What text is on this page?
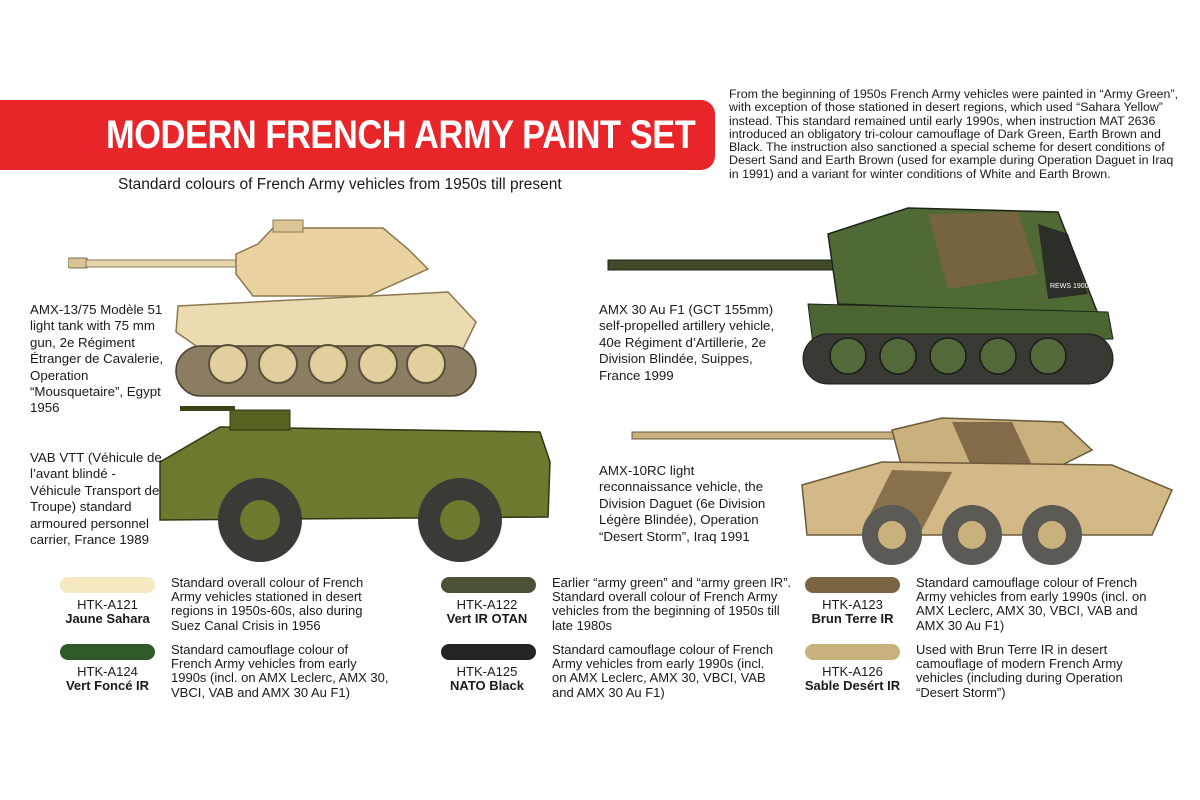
MODERN FRENCH ARMY PAINT SET
Standard colours of French Army vehicles from 1950s till present
From the beginning of 1950s French Army vehicles were painted in “Army Green”, with exception of those stationed in desert regions, which used “Sahara Yellow” instead. This standard remained until early 1990s, when instruction MAT 2636 introduced an obligatory tri-colour camouflage of Dark Green, Earth Brown and Black. The instruction also sanctioned a special scheme for desert conditions of Desert Sand and Earth Brown (used for example during Operation Daguet in Iraq in 1991) and a variant for winter conditions of White and Earth Brown.
AMX-13/75 Modèle 51 light tank with 75 mm gun, 2e Régiment Étranger de Cavalerie, Operation “Mousquetaire”, Egypt 1956
VAB VTT (Véhicule de l’avant blindé - Véhicule Transport de Troupe) standard armoured personnel carrier, France 1989
AMX 30 Au F1 (GCT 155mm) self-propelled artillery vehicle, 40e Régiment d’Artillerie, 2e Division Blindée, Suippes, France 1999
AMX-10RC light reconnaissance vehicle, the Division Daguet (6e Division Légère Blindée), Operation “Desert Storm”, Iraq 1991
REWS 1900
HTK-A121
Jaune Sahara
Standard overall colour of French Army vehicles stationed in desert regions in 1950s-60s, also during Suez Canal Crisis in 1956
HTK-A122
Vert IR OTAN
Earlier “army green” and “army green IR”. Standard overall colour of French Army vehicles from the beginning of 1950s till late 1980s
HTK-A123
Brun Terre IR
Standard camouflage colour of French Army vehicles from early 1990s (incl. on AMX Leclerc, AMX 30, VBCI, VAB and AMX 30 Au F1)
HTK-A124
Vert Foncé IR
Standard camouflage colour of French Army vehicles from early 1990s (incl. on AMX Leclerc, AMX 30, VBCI, VAB and AMX 30 Au F1)
HTK-A125
NATO Black
Standard camouflage colour of French Army vehicles from early 1990s (incl. on AMX Leclerc, AMX 30, VBCI, VAB and AMX 30 Au F1)
HTK-A126
Sable Desért IR
Used with Brun Terre IR in desert camouflage of modern French Army vehicles (including during Operation “Desert Storm”)
